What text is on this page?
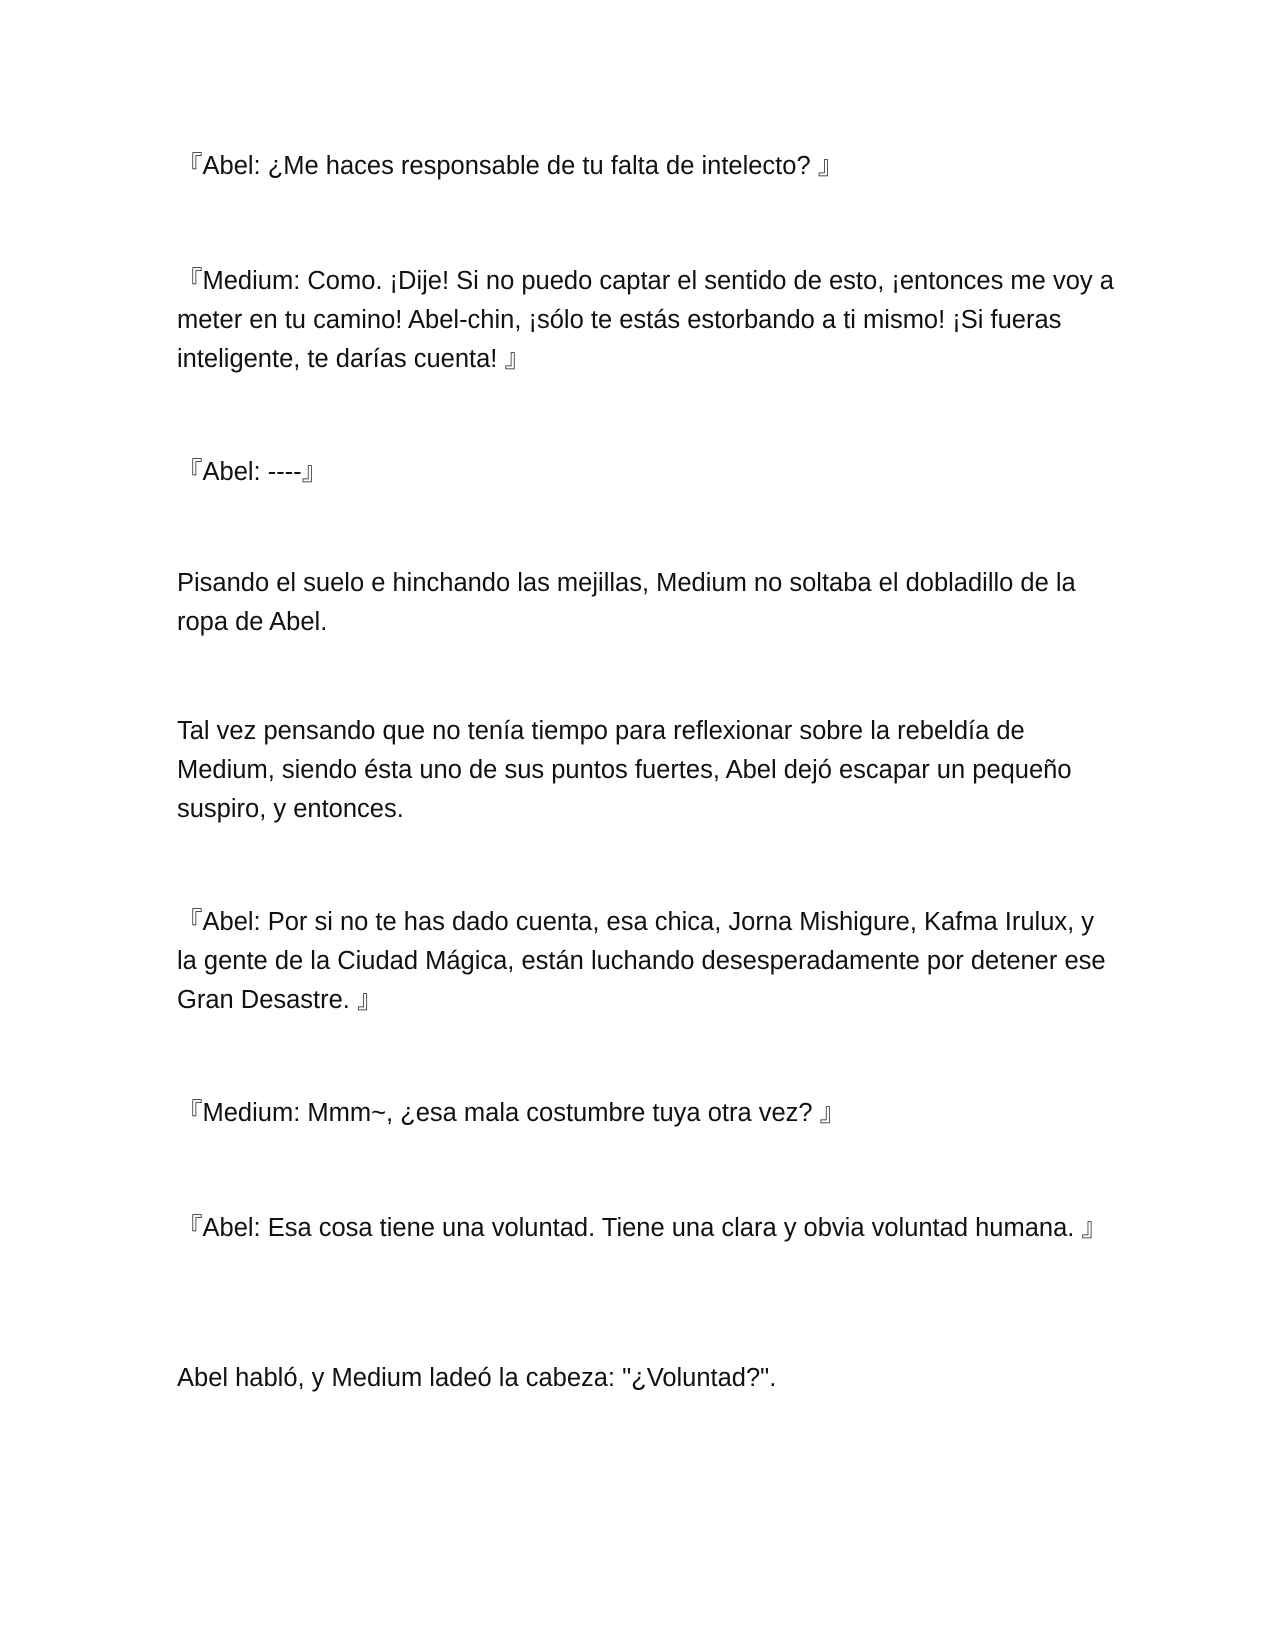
『Abel: ¿Me haces responsable de tu falta de intelecto? 』

『Medium: Como. ¡Dije! Si no puedo captar el sentido de esto, ¡entonces me voy a meter en tu camino! Abel-chin, ¡sólo te estás estorbando a ti mismo! ¡Si fueras inteligente, te darías cuenta! 』

『Abel: ----』

Pisando el suelo e hinchando las mejillas, Medium no soltaba el dobladillo de la ropa de Abel.

Tal vez pensando que no tenía tiempo para reflexionar sobre la rebeldía de Medium, siendo ésta uno de sus puntos fuertes, Abel dejó escapar un pequeño suspiro, y entonces.

『Abel: Por si no te has dado cuenta, esa chica, Jorna Mishigure, Kafma Irulux, y la gente de la Ciudad Mágica, están luchando desesperadamente por detener ese Gran Desastre. 』

『Medium: Mmm~, ¿esa mala costumbre tuya otra vez? 』

『Abel: Esa cosa tiene una voluntad. Tiene una clara y obvia voluntad humana. 』

Abel habló, y Medium ladeó la cabeza: "¿Voluntad?".
